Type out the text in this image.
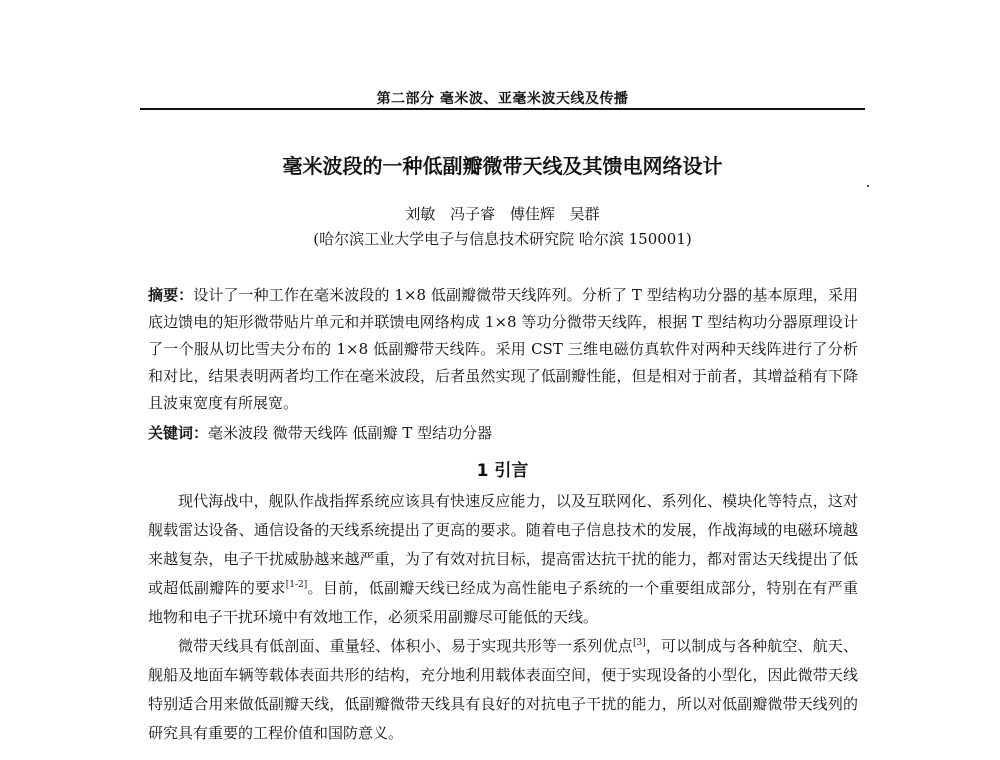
第二部分 毫米波、亚毫米波天线及传播
毫米波段的一种低副瓣微带天线及其馈电网络设计
刘敏 冯子睿 傅佳辉 吴群
(哈尔滨工业大学电子与信息技术研究院 哈尔滨 150001)
摘要：设计了一种工作在毫米波段的 1×8 低副瓣微带天线阵列。分析了 T 型结构功分器的基本原理，采用底边馈电的矩形微带贴片单元和并联馈电网络构成 1×8 等功分微带天线阵，根据 T 型结构功分器原理设计了一个服从切比雪夫分布的 1×8 低副瓣带天线阵。采用 CST 三维电磁仿真软件对两种天线阵进行了分析和对比，结果表明两者均工作在毫米波段，后者虽然实现了低副瓣性能，但是相对于前者，其增益稍有下降且波束宽度有所展宽。
关键词：毫米波段 微带天线阵 低副瓣 T 型结功分器
1 引言

现代海战中，舰队作战指挥系统应该具有快速反应能力，以及互联网化、系列化、模块化等特点，这对舰载雷达设备、通信设备的天线系统提出了更高的要求。随着电子信息技术的发展，作战海域的电磁环境越来越复杂，电子干扰威胁越来越严重，为了有效对抗目标，提高雷达抗干扰的能力，都对雷达天线提出了低或超低副瓣阵的要求[1-2]。目前，低副瓣天线已经成为高性能电子系统的一个重要组成部分，特别在有严重地物和电子干扰环境中有效地工作，必须采用副瓣尽可能低的天线。

微带天线具有低剖面、重量轻、体积小、易于实现共形等一系列优点[3]，可以制成与各种航空、航天、舰船及地面车辆等载体表面共形的结构，充分地利用载体表面空间，便于实现设备的小型化，因此微带天线特别适合用来做低副瓣天线，低副瓣微带天线具有良好的对抗电子干扰的能力，所以对低副瓣微带天线列的研究具有重要的工程价值和国防意义。
